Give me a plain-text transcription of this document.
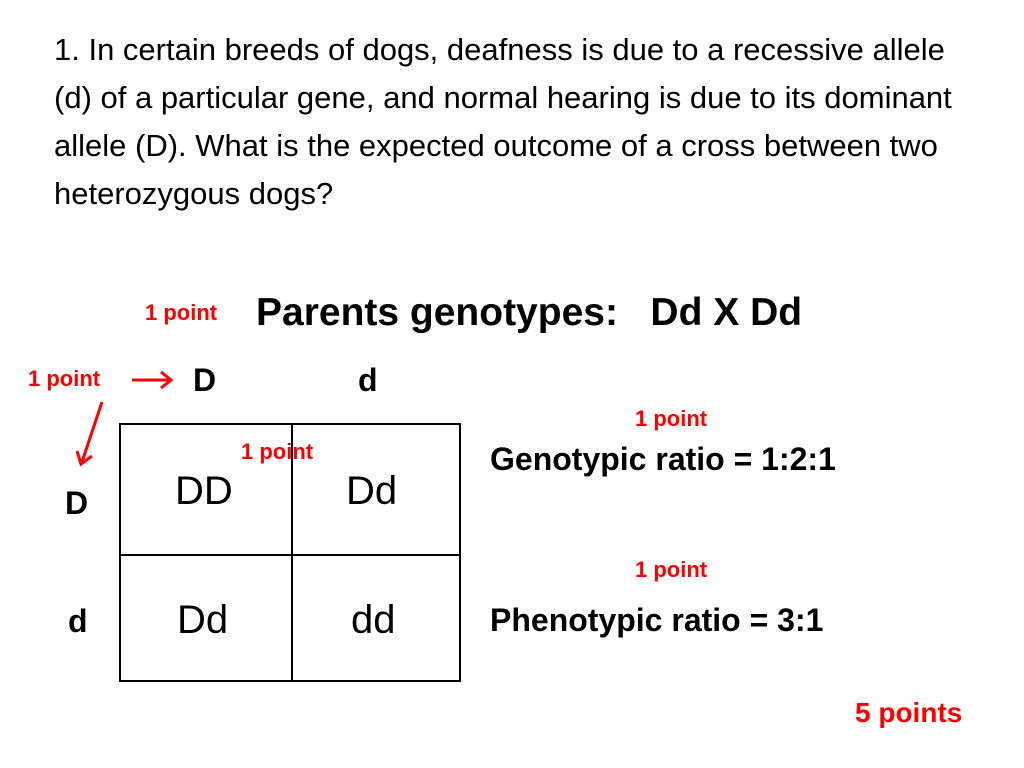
1. In certain breeds of dogs, deafness is due to a recessive allele (d) of a particular gene, and normal hearing is due to its dominant allele (D). What is the expected outcome of a cross between two heterozygous dogs?
1 point Parents genotypes:   Dd X Dd
1 point	D	d
D
d
DD	Dd
Dd	dd
1 point
1 point
Genotypic ratio = 1:2:1
1 point
Phenotypic ratio = 3:1
5 points
